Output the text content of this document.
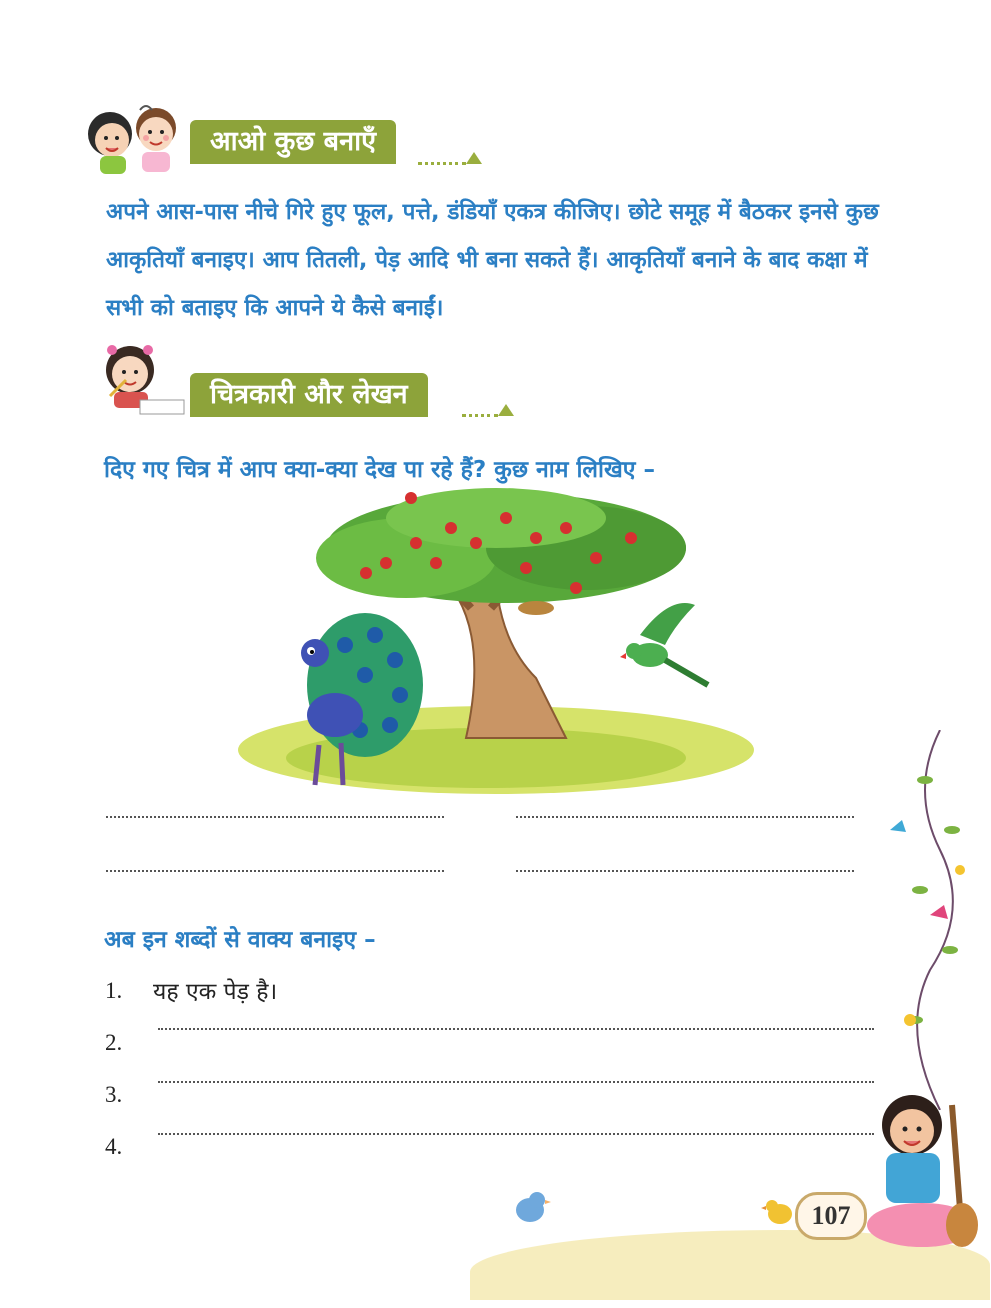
आओ कुछ बनाएँ
अपने आस-पास नीचे गिरे हुए फूल, पत्ते, डंडियाँ एकत्र कीजिए। छोटे समूह में बैठकर इनसे कुछ आकृतियाँ बनाइए। आप तितली, पेड़ आदि भी बना सकते हैं। आकृतियाँ बनाने के बाद कक्षा में सभी को बताइए कि आपने ये कैसे बनाईं।
चित्रकारी और लेखन
दिए गए चित्र में आप क्या-क्या देख पा रहे हैं? कुछ नाम लिखिए –
अब इन शब्दों से वाक्य बनाइए –
1. यह एक पेड़ है।
2.
3.
4.
107
